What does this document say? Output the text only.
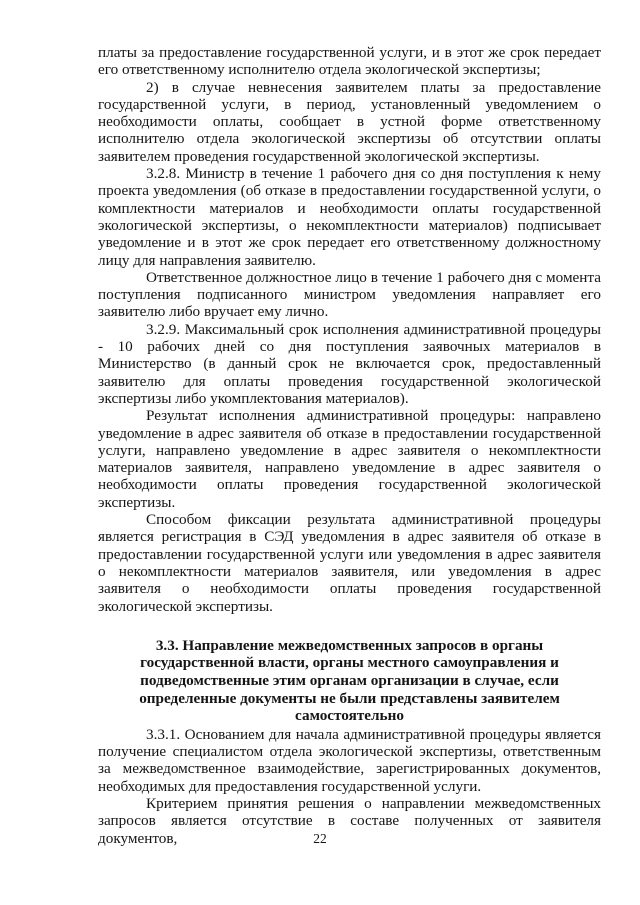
платы за предоставление государственной услуги, и в этот же срок передает его ответственному исполнителю отдела экологической экспертизы;

2) в случае невнесения заявителем платы за предоставление государственной услуги, в период, установленный уведомлением о необходимости оплаты, сообщает в устной форме ответственному исполнителю отдела экологической экспертизы об отсутствии оплаты заявителем проведения государственной экологической экспертизы.

3.2.8. Министр в течение 1 рабочего дня со дня поступления к нему проекта уведомления (об отказе в предоставлении государственной услуги, о комплектности материалов и необходимости оплаты государственной экологической экспертизы, о некомплектности материалов) подписывает уведомление и в этот же срок передает его ответственному должностному лицу для направления заявителю.

Ответственное должностное лицо в течение 1 рабочего дня с момента поступления подписанного министром уведомления направляет его заявителю либо вручает ему лично.

3.2.9. Максимальный срок исполнения административной процедуры - 10 рабочих дней со дня поступления заявочных материалов в Министерство (в данный срок не включается срок, предоставленный заявителю для оплаты проведения государственной экологической экспертизы либо укомплектования материалов).

Результат исполнения административной процедуры: направлено уведомление в адрес заявителя об отказе в предоставлении государственной услуги, направлено уведомление в адрес заявителя о некомплектности материалов заявителя, направлено уведомление в адрес заявителя о необходимости оплаты проведения государственной экологической экспертизы.

Способом фиксации результата административной процедуры является регистрация в СЭД уведомления в адрес заявителя об отказе в предоставлении государственной услуги или уведомления в адрес заявителя о некомплектности материалов заявителя, или уведомления в адрес заявителя о необходимости оплаты проведения государственной экологической экспертизы.

3.3. Направление межведомственных запросов в органы государственной власти, органы местного самоуправления и подведомственные этим органам организации в случае, если определенные документы не были представлены заявителем самостоятельно

3.3.1. Основанием для начала административной процедуры является получение специалистом отдела экологической экспертизы, ответственным за межведомственное взаимодействие, зарегистрированных документов, необходимых для предоставления государственной услуги.

Критерием принятия решения о направлении межведомственных запросов является отсутствие в составе полученных от заявителя документов,	22
